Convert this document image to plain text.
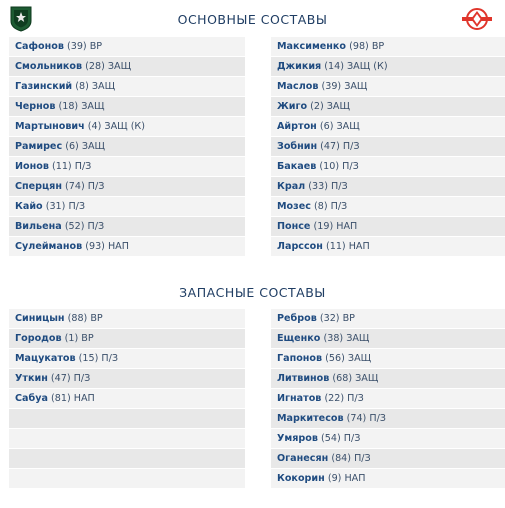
ОСНОВНЫЕ СОСТАВЫ
Сафонов (39) ВР
Смольников (28) ЗАЩ
Газинский (8) ЗАЩ
Чернов (18) ЗАЩ
Мартынович (4) ЗАЩ (К)
Рамирес (6) ЗАЩ
Ионов (11) П/З
Сперцян (74) П/З
Кайо (31) П/З
Вильена (52) П/З
Сулейманов (93) НАП
Максименко (98) ВР
Джикия (14) ЗАЩ (К)
Маслов (39) ЗАЩ
Жиго (2) ЗАЩ
Айртон (6) ЗАЩ
Зобнин (47) П/З
Бакаев (10) П/З
Крал (33) П/З
Мозес (8) П/З
Понсе (19) НАП
Ларссон (11) НАП
ЗАПАСНЫЕ СОСТАВЫ
Синицын (88) ВР
Городов (1) ВР
Мацукатов (15) П/З
Уткин (47) П/З
Сабуа (81) НАП
Ребров (32) ВР
Ещенко (38) ЗАЩ
Гапонов (56) ЗАЩ
Литвинов (68) ЗАЩ
Игнатов (22) П/З
Маркитесов (74) П/З
Умяров (54) П/З
Оганесян (84) П/З
Кокорин (9) НАП
